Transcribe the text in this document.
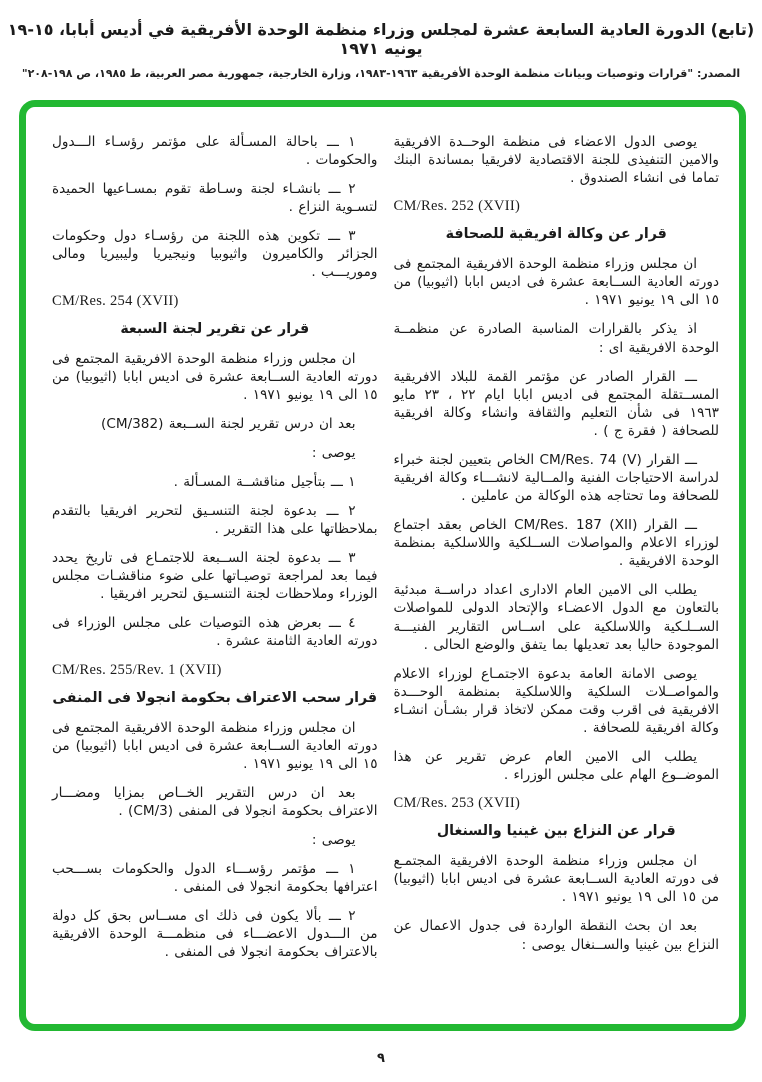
(تابع) الدورة العادية السابعة عشرة لمجلس وزراء منظمة الوحدة الأفريقية في أديس أبابا، ١٥-١٩ يونيه ١٩٧١
المصدر: "قرارات وتوصيات وبيانات منظمة الوحدة الأفريقية ١٩٦٣-١٩٨٣، وزارة الخارجية، جمهورية مصر العربية، ط ١٩٨٥، ص ١٩٨-٢٠٨"

يوصى الدول الاعضاء فى منظمة الوحــدة الافريقية والامين التنفيذى للجنة الاقتصادية لافريقيا بمساندة البنك تماما فى انشاء الصندوق .

CM/Res. 252 (XVII)
قرار عن وكالة افريقية للصحافة

ان مجلس وزراء منظمة الوحدة الافريقية المجتمع فى دورته العادية الســابعة عشرة فى اديس ابابا (اثيوبيا) من ١٥ الى ١٩ يونيو ١٩٧١ .

اذ يذكر بالقرارات المناسبة الصادرة عن منظمــة الوحدة الافريقية اى :

ـــ القرار الصادر عن مؤتمر القمة للبلاد الافريقية المســتقلة المجتمع فى اديس ابابا ايام ٢٢ ، ٢٣ مايو ١٩٦٣ فى شأن التعليم والثقافة وانشاء وكالة افريقية للصحافة ( فقرة ج ) .

ـــ القرار CM/Res. 74 (V) الخاص بتعيين لجنة خبراء لدراسة الاحتياجات الفنية والمــالية لانشـــاء وكالة افريقية للصحافة وما تحتاجه هذه الوكالة من عاملين .

ـــ القرار CM/Res. 187 (XII) الخاص بعقد اجتماع لوزراء الاعلام والمواصلات الســلكية واللاسلكية بمنظمة الوحدة الافريقية .

يطلب الى الامين العام الادارى اعداد دراســة مبدئية بالتعاون مع الدول الاعضـاء والإتحاد الدولى للمواصلات الســلـكية واللاسلكية على اســاس التقارير الفنيـــة الموجودة حاليا بعد تعديلها بما يتفق والوضع الحالى .

يوصى الامانة العامة بدعوة الاجتمـاع لوزراء الاعلام والمواصــلات السلكية واللاسلكية بمنظمة الوحـــدة الافريقية فى اقرب وقت ممكن لاتخاذ قرار بشـأن انشـاء وكالة افريقية للصحافة .

يطلب الى الامين العام عرض تقرير عن هذا الموضــوع الهام على مجلس الوزراء .

CM/Res. 253 (XVII)
قرار عن النزاع بين غينيا والسنغال

ان مجلس وزراء منظمة الوحدة الافريقية المجتمـع فى دورته العادية الســابعة عشرة فى اديس ابابا (اثيوبيا) من ١٥ الى ١٩ يونيو ١٩٧١ .

بعد ان بحث النقطة الواردة فى جدول الاعمال عن النزاع بين غينيا والســنغال يوصى :

١ ـــ باحالة المسـألة على مؤتمر رؤسـاء الـــدول والحكومات .

٢ ـــ بانشـاء لجنة وسـاطة تقوم بمسـاعيها الحميدة لتسـوية النزاع .

٣ ـــ تكوين هذه اللجنة من رؤسـاء دول وحكومات الجزائر والكاميرون واثيوبيا ونيجيريا وليبيريا ومالى وموريـــب .

CM/Res. 254 (XVII)
قرار عن تقرير لجنة السبعة

ان مجلس وزراء منظمة الوحدة الافريقية المجتمع فى دورته العادية الســابعة عشرة فى اديس ابابا (اثيوبيا) من ١٥ الى ١٩ يونيو ١٩٧١ .

بعد ان درس تقرير لجنة الســبعة (CM/382)

يوصى :

١ ـــ بتأجيل مناقشــة المسـألة .

٢ ـــ بدعوة لجنة التنسـيق لتحرير افريقيا بالتقدم بملاحظاتها على هذا التقرير .

٣ ـــ بدعوة لجنة الســبعة للاجتمـاع فى تاريخ يحدد فيما بعد لمراجعة توصيـاتها على ضوء مناقشـات مجلس الوزراء وملاحظات لجنة التنسـيق لتحرير افريقيا .

٤ ـــ بعرض هذه التوصيات على مجلس الوزراء فى دورته العادية الثامنة عشرة .

CM/Res. 255/Rev. 1 (XVII)
قرار سحب الاعتراف بحكومة انجولا فى المنفى

ان مجلس وزراء منظمة الوحدة الافريقية المجتمع فى دورته العادية الســابعة عشرة فى اديس ابابا (اثيوبيا) من ١٥ الى ١٩ يونيو ١٩٧١ .

بعد ان درس التقرير الخــاص بمزايا ومضـــار الاعتراف بحكومة انجولا فى المنفى (CM/3) .

يوصى :

١ ـــ مؤتمر رؤســـاء الدول والحكومات بســـحب اعترافها بحكومة انجولا فى المنفى .

٢ ـــ بألا يكون فى ذلك اى مســاس بحق كل دولة من الـــدول الاعضـــاء فى منظمـــة الوحدة الافريقية بالاعتراف بحكومة انجولا فى المنفى .

٩
